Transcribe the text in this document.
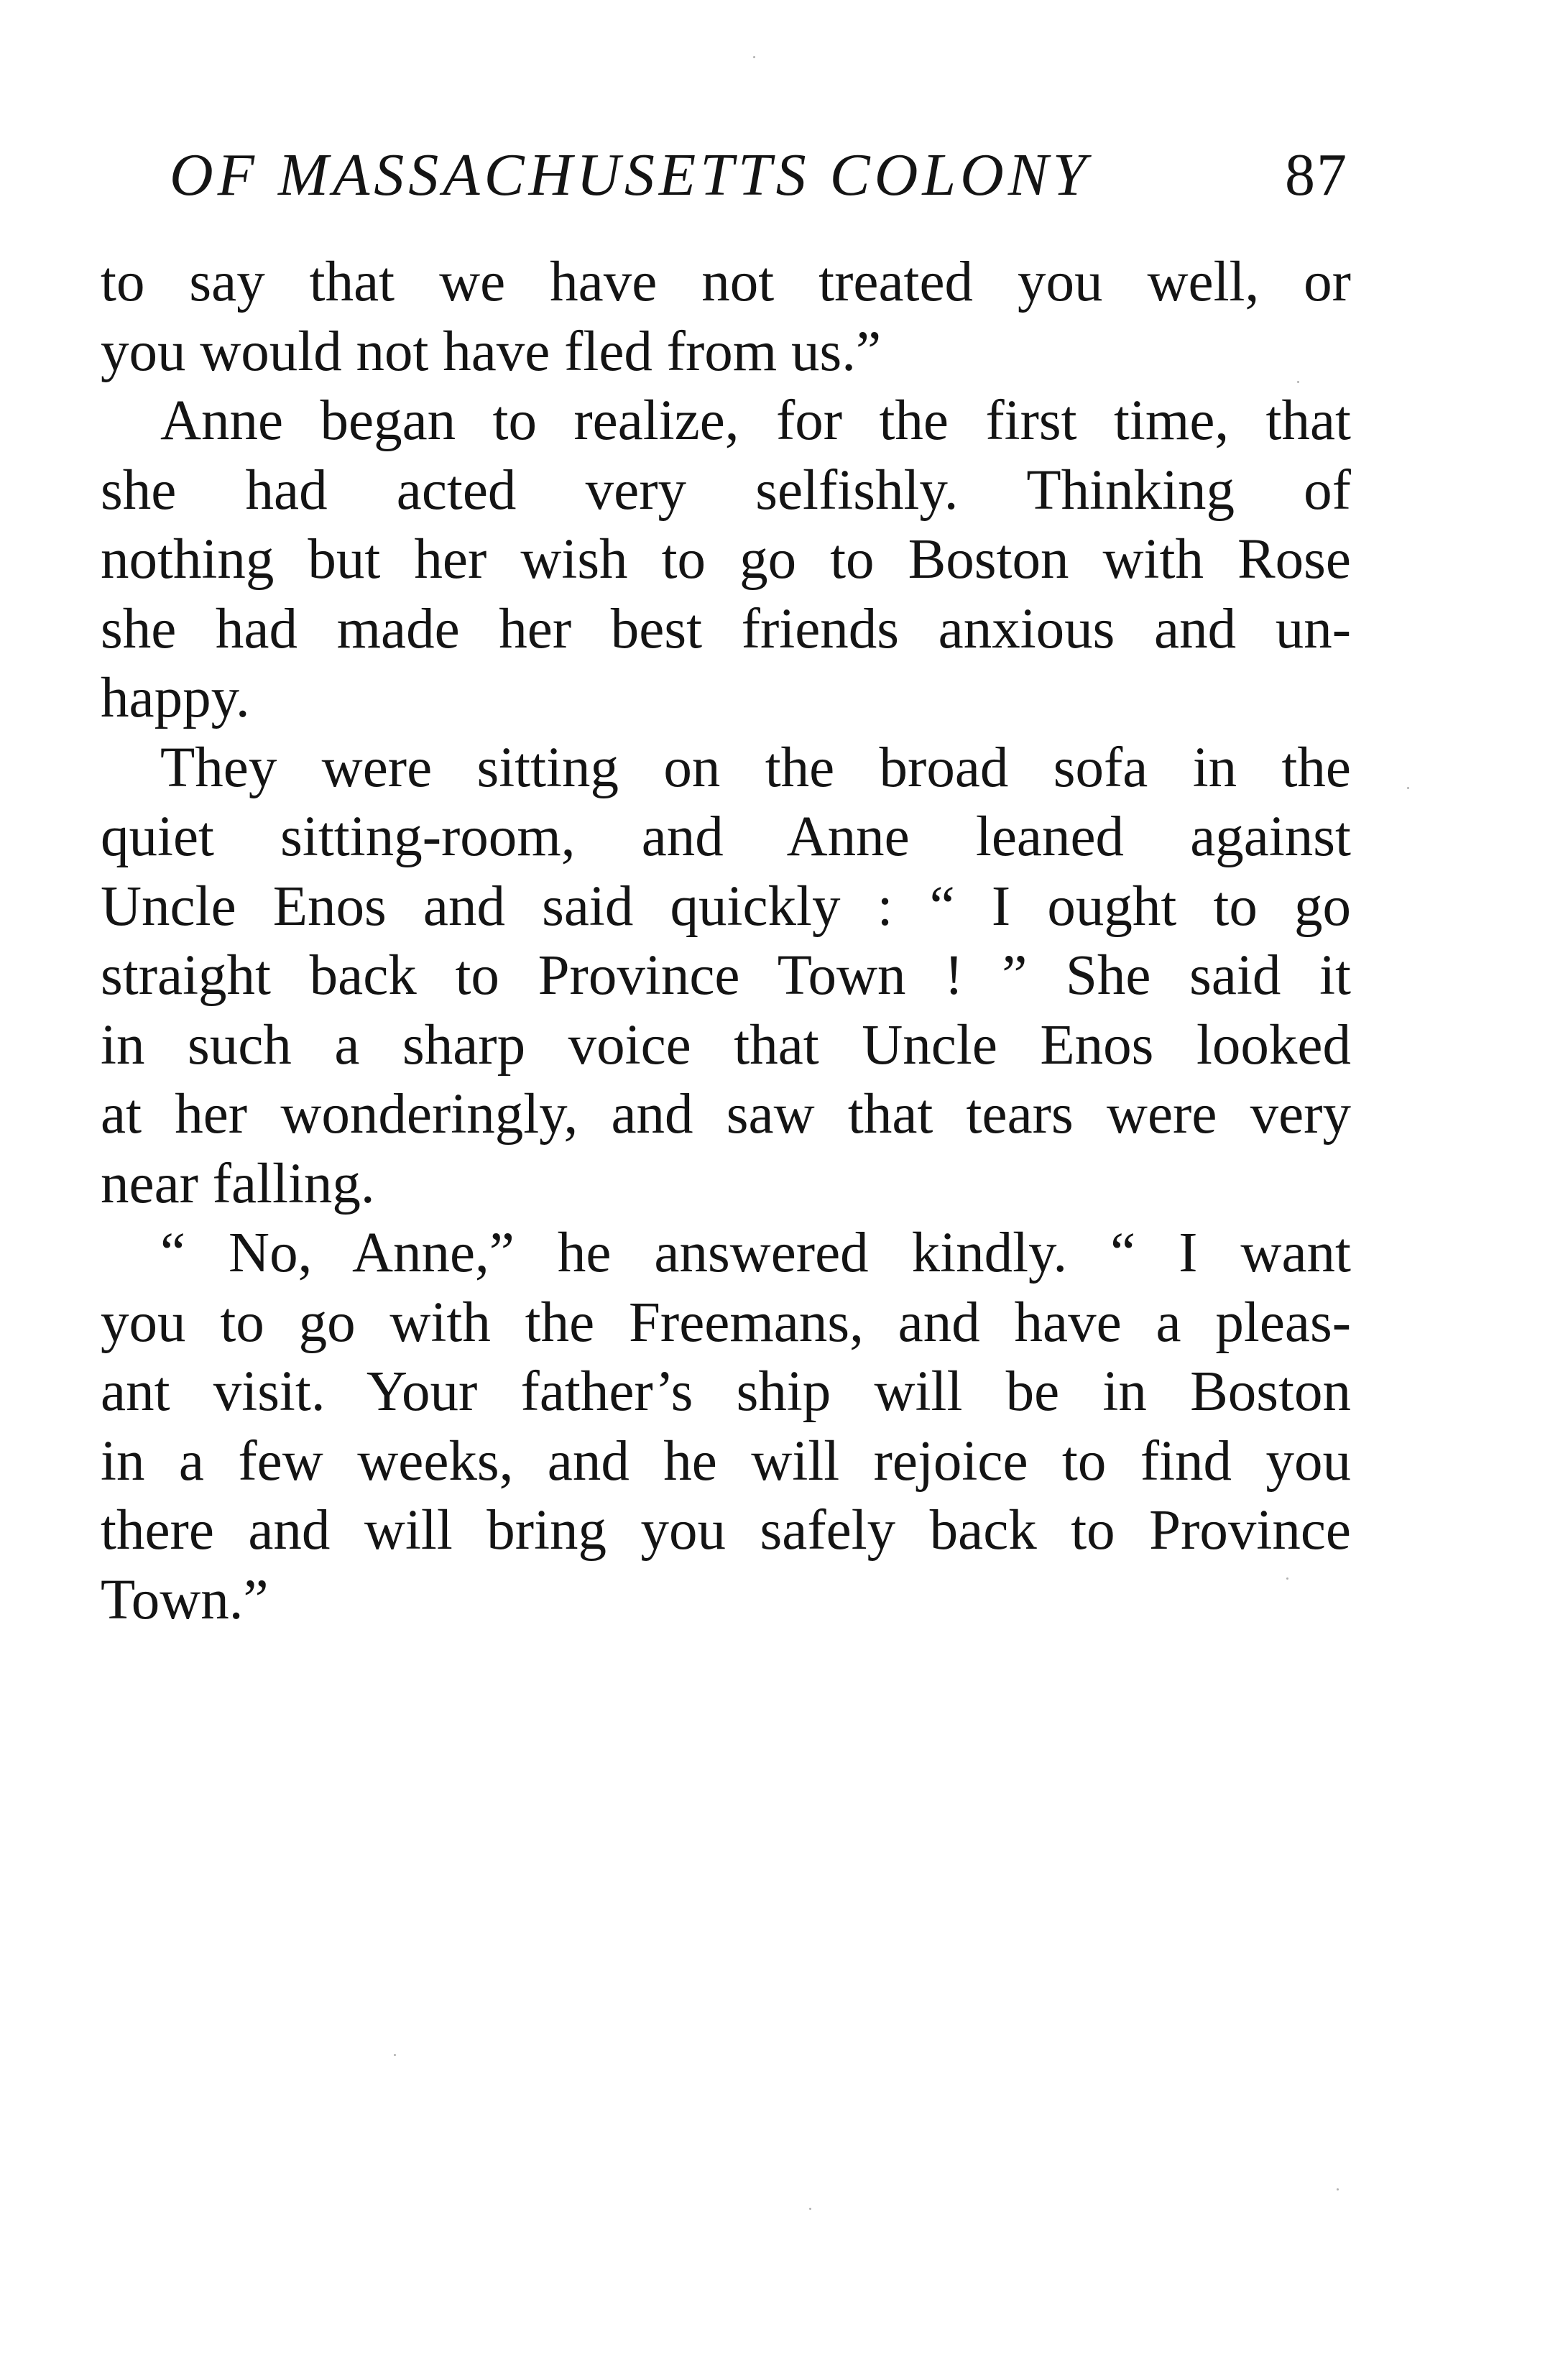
OF MASSACHUSETTS COLONY	87
to say that we have not treated you well, or
you would not have fled from us.”
Anne began to realize, for the first time, that
she had acted very selfishly. Thinking of
nothing but her wish to go to Boston with Rose
she had made her best friends anxious and un-
happy.
They were sitting on the broad sofa in the
quiet sitting-room, and Anne leaned against
Uncle Enos and said quickly : “ I ought to go
straight back to Province Town ! ” She said it
in such a sharp voice that Uncle Enos looked
at her wonderingly, and saw that tears were very
near falling.
“ No, Anne,” he answered kindly. “ I want
you to go with the Freemans, and have a pleas-
ant visit. Your father’s ship will be in Boston
in a few weeks, and he will rejoice to find you
there and will bring you safely back to Province
Town.”
